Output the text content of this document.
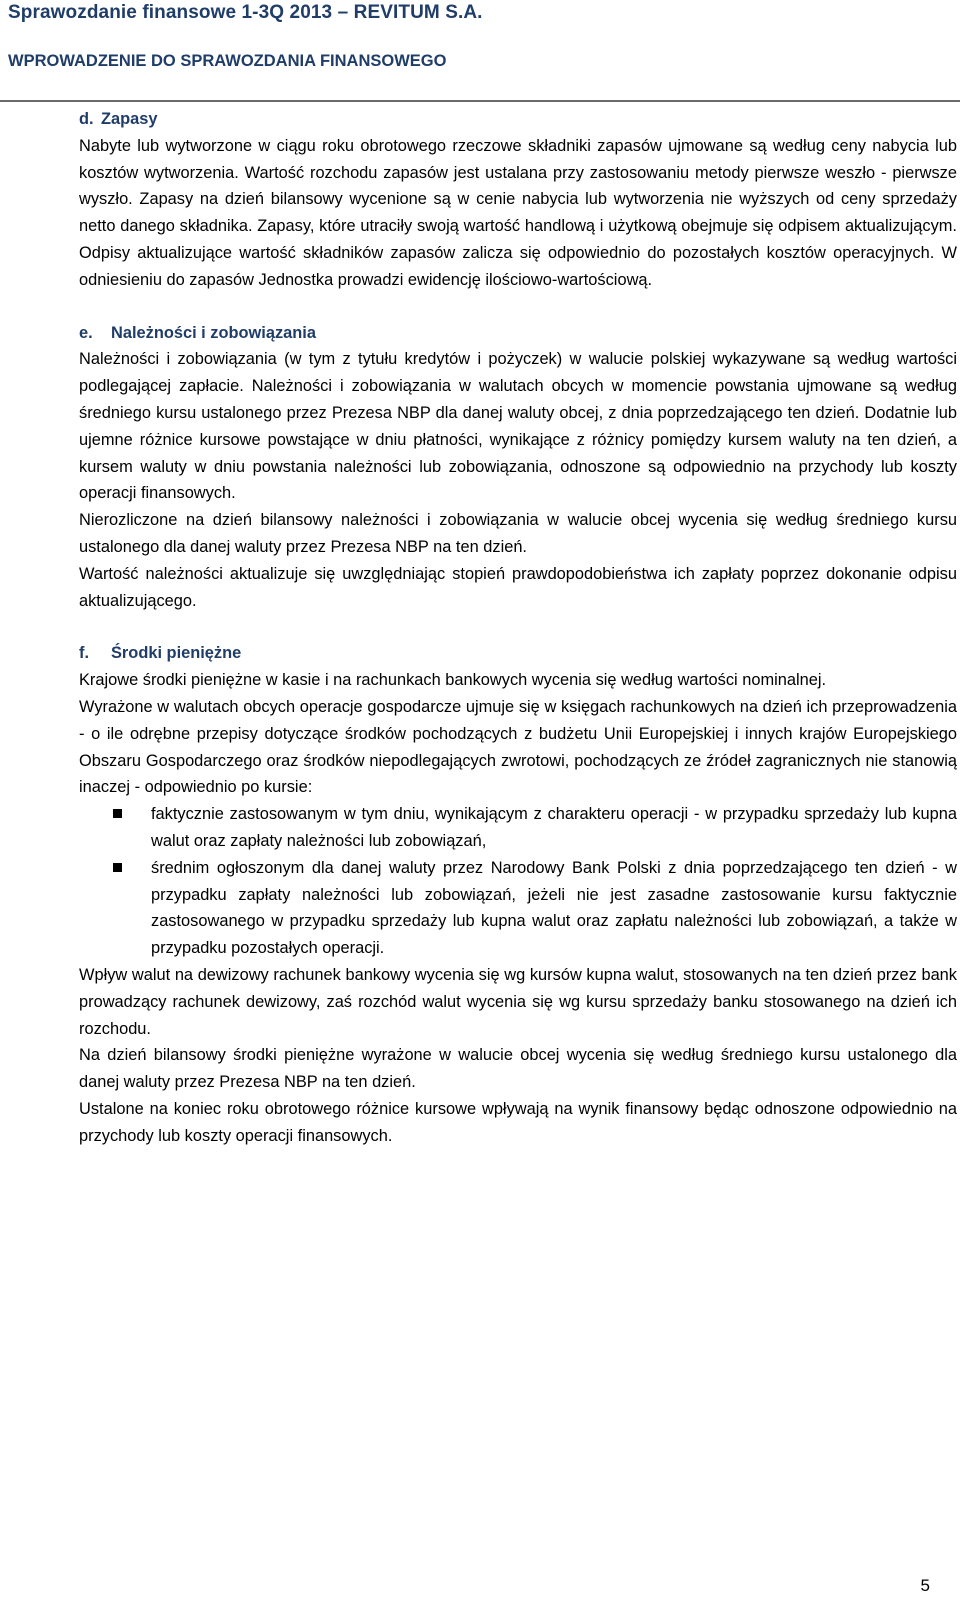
Sprawozdanie finansowe 1-3Q 2013 – REVITUM S.A.
WPROWADZENIE DO SPRAWOZDANIA FINANSOWEGO
d. Zapasy

Nabyte lub wytworzone w ciągu roku obrotowego rzeczowe składniki zapasów ujmowane są według ceny nabycia lub kosztów wytworzenia. Wartość rozchodu zapasów jest ustalana przy zastosowaniu metody pierwsze weszło - pierwsze wyszło. Zapasy na dzień bilansowy wycenione są w cenie nabycia lub wytworzenia nie wyższych od ceny sprzedaży netto danego składnika. Zapasy, które utraciły swoją wartość handlową i użytkową obejmuje się odpisem aktualizującym. Odpisy aktualizujące wartość składników zapasów zalicza się odpowiednio do pozostałych kosztów operacyjnych. W odniesieniu do zapasów Jednostka prowadzi ewidencję ilościowo-wartościową.

e. Należności i zobowiązania

Należności i zobowiązania (w tym z tytułu kredytów i pożyczek) w walucie polskiej wykazywane są według wartości podlegającej zapłacie. Należności i zobowiązania w walutach obcych w momencie powstania ujmowane są według średniego kursu ustalonego przez Prezesa NBP dla danej waluty obcej, z dnia poprzedzającego ten dzień. Dodatnie lub ujemne różnice kursowe powstające w dniu płatności, wynikające z różnicy pomiędzy kursem waluty na ten dzień, a kursem waluty w dniu powstania należności lub zobowiązania, odnoszone są odpowiednio na przychody lub koszty operacji finansowych.

Nierozliczone na dzień bilansowy należności i zobowiązania w walucie obcej wycenia się według średniego kursu ustalonego dla danej waluty przez Prezesa NBP na ten dzień.

Wartość należności aktualizuje się uwzględniając stopień prawdopodobieństwa ich zapłaty poprzez dokonanie odpisu aktualizującego.

f. Środki pieniężne

Krajowe środki pieniężne w kasie i na rachunkach bankowych wycenia się według wartości nominalnej.

Wyrażone w walutach obcych operacje gospodarcze ujmuje się w księgach rachunkowych na dzień ich przeprowadzenia - o ile odrębne przepisy dotyczące środków pochodzących z budżetu Unii Europejskiej i innych krajów Europejskiego Obszaru Gospodarczego oraz środków niepodlegających zwrotowi, pochodzących ze źródeł zagranicznych nie stanowią inaczej - odpowiednio po kursie:

faktycznie zastosowanym w tym dniu, wynikającym z charakteru operacji - w przypadku sprzedaży lub kupna walut oraz zapłaty należności lub zobowiązań,
średnim ogłoszonym dla danej waluty przez Narodowy Bank Polski z dnia poprzedzającego ten dzień - w przypadku zapłaty należności lub zobowiązań, jeżeli nie jest zasadne zastosowanie kursu faktycznie zastosowanego w przypadku sprzedaży lub kupna walut oraz zapłatu należności lub zobowiązań, a także w przypadku pozostałych operacji.

Wpływ walut na dewizowy rachunek bankowy wycenia się wg kursów kupna walut, stosowanych na ten dzień przez bank prowadzący rachunek dewizowy, zaś rozchód walut wycenia się wg kursu sprzedaży banku stosowanego na dzień ich rozchodu.

Na dzień bilansowy środki pieniężne wyrażone w walucie obcej wycenia się według średniego kursu ustalonego dla danej waluty przez Prezesa NBP na ten dzień.

Ustalone na koniec roku obrotowego różnice kursowe wpływają na wynik finansowy będąc odnoszone odpowiednio na przychody lub koszty operacji finansowych.

5
